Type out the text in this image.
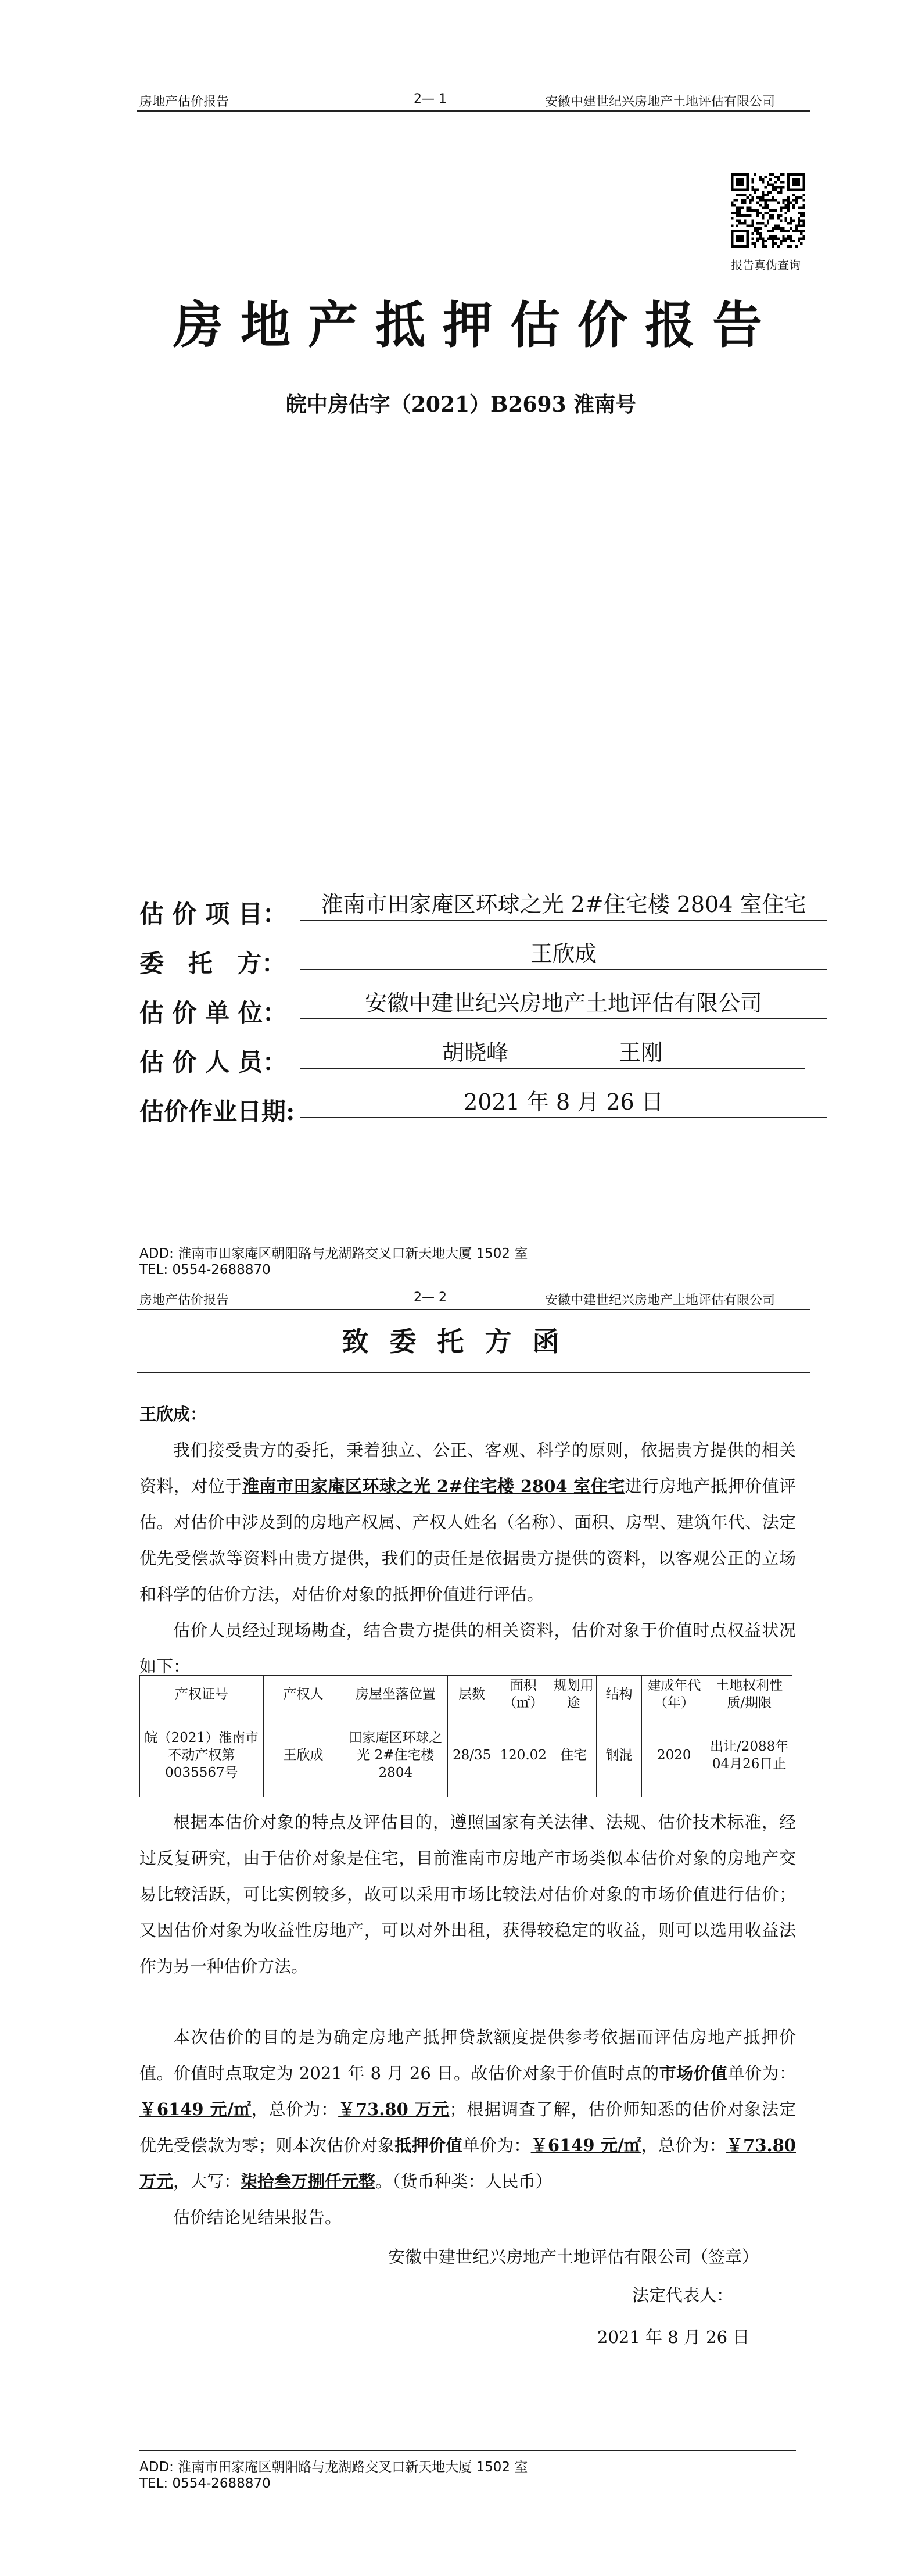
房地产估价报告	2— 1	安徽中建世纪兴房地产土地评估有限公司
报告真伪查询
房地产抵押估价报告
皖中房估字（2021）B2693 淮南号
估 价 项 目：	淮南市田家庵区环球之光 2#住宅楼 2804 室住宅
委　托　方：	王欣成
估 价 单 位：	安徽中建世纪兴房地产土地评估有限公司
估 价 人 员：	胡晓峰　　　　　王刚
估价作业日期:	2021 年 8 月 26 日
ADD: 淮南市田家庵区朝阳路与龙湖路交叉口新天地大厦 1502 室
TEL: 0554-2688870
房地产估价报告	2— 2	安徽中建世纪兴房地产土地评估有限公司
致委托方函
王欣成：
我们接受贵方的委托，秉着独立、公正、客观、科学的原则，依据贵方提供的相关资料，对位于淮南市田家庵区环球之光 2#住宅楼 2804 室住宅进行房地产抵押价值评估。对估价中涉及到的房地产权属、产权人姓名（名称）、面积、房型、建筑年代、法定优先受偿款等资料由贵方提供，我们的责任是依据贵方提供的资料，以客观公正的立场和科学的估价方法，对估价对象的抵押价值进行评估。
估价人员经过现场勘查，结合贵方提供的相关资料，估价对象于价值时点权益状况如下：
产权证号	产权人	房屋坐落位置	层数	面积（㎡）	规划用途	结构	建成年代（年）	土地权利性质/期限
皖（2021）淮南市不动产权第0035567号	王欣成	田家庵区环球之光 2#住宅楼2804	28/35	120.02	住宅	钢混	2020	出让/2088年04月26日止
根据本估价对象的特点及评估目的，遵照国家有关法律、法规、估价技术标准，经过反复研究，由于估价对象是住宅，目前淮南市房地产市场类似本估价对象的房地产交易比较活跃，可比实例较多，故可以采用市场比较法对估价对象的市场价值进行估价；又因估价对象为收益性房地产，可以对外出租，获得较稳定的收益，则可以选用收益法作为另一种估价方法。
本次估价的目的是为确定房地产抵押贷款额度提供参考依据而评估房地产抵押价值。价值时点取定为 2021 年 8 月 26 日。故估价对象于价值时点的市场价值单价为：￥6149 元/㎡，总价为：￥73.80 万元；根据调查了解，估价师知悉的估价对象法定优先受偿款为零；则本次估价对象抵押价值单价为：￥6149 元/㎡，总价为：￥73.80 万元，大写：柒拾叁万捌仟元整。（货币种类：人民币）
估价结论见结果报告。
安徽中建世纪兴房地产土地评估有限公司（签章）
法定代表人：
2021 年 8 月 26 日
ADD: 淮南市田家庵区朝阳路与龙湖路交叉口新天地大厦 1502 室
TEL: 0554-2688870
